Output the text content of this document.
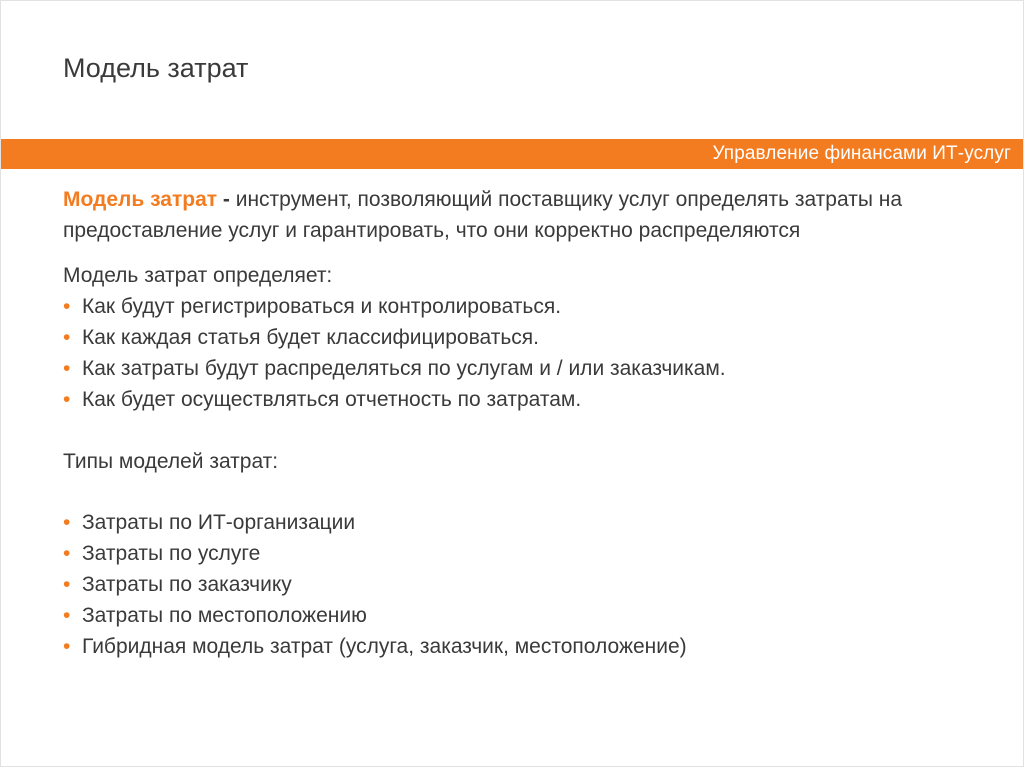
Модель затрат
Управление финансами ИТ-услуг

Модель затрат - инструмент, позволяющий поставщику услуг определять затраты на предоставление услуг и гарантировать, что они корректно распределяются

Модель затрат определяет:

• Как будут регистрироваться и контролироваться.
• Как каждая статья будет классифицироваться.
• Как затраты будут распределяться по услугам и / или заказчикам.
• Как будет осуществляться отчетность по затратам.

Типы моделей затрат:

• Затраты по ИТ-организации
• Затраты по услуге
• Затраты по заказчику
• Затраты по местоположению
• Гибридная модель затрат (услуга, заказчик, местоположение)
